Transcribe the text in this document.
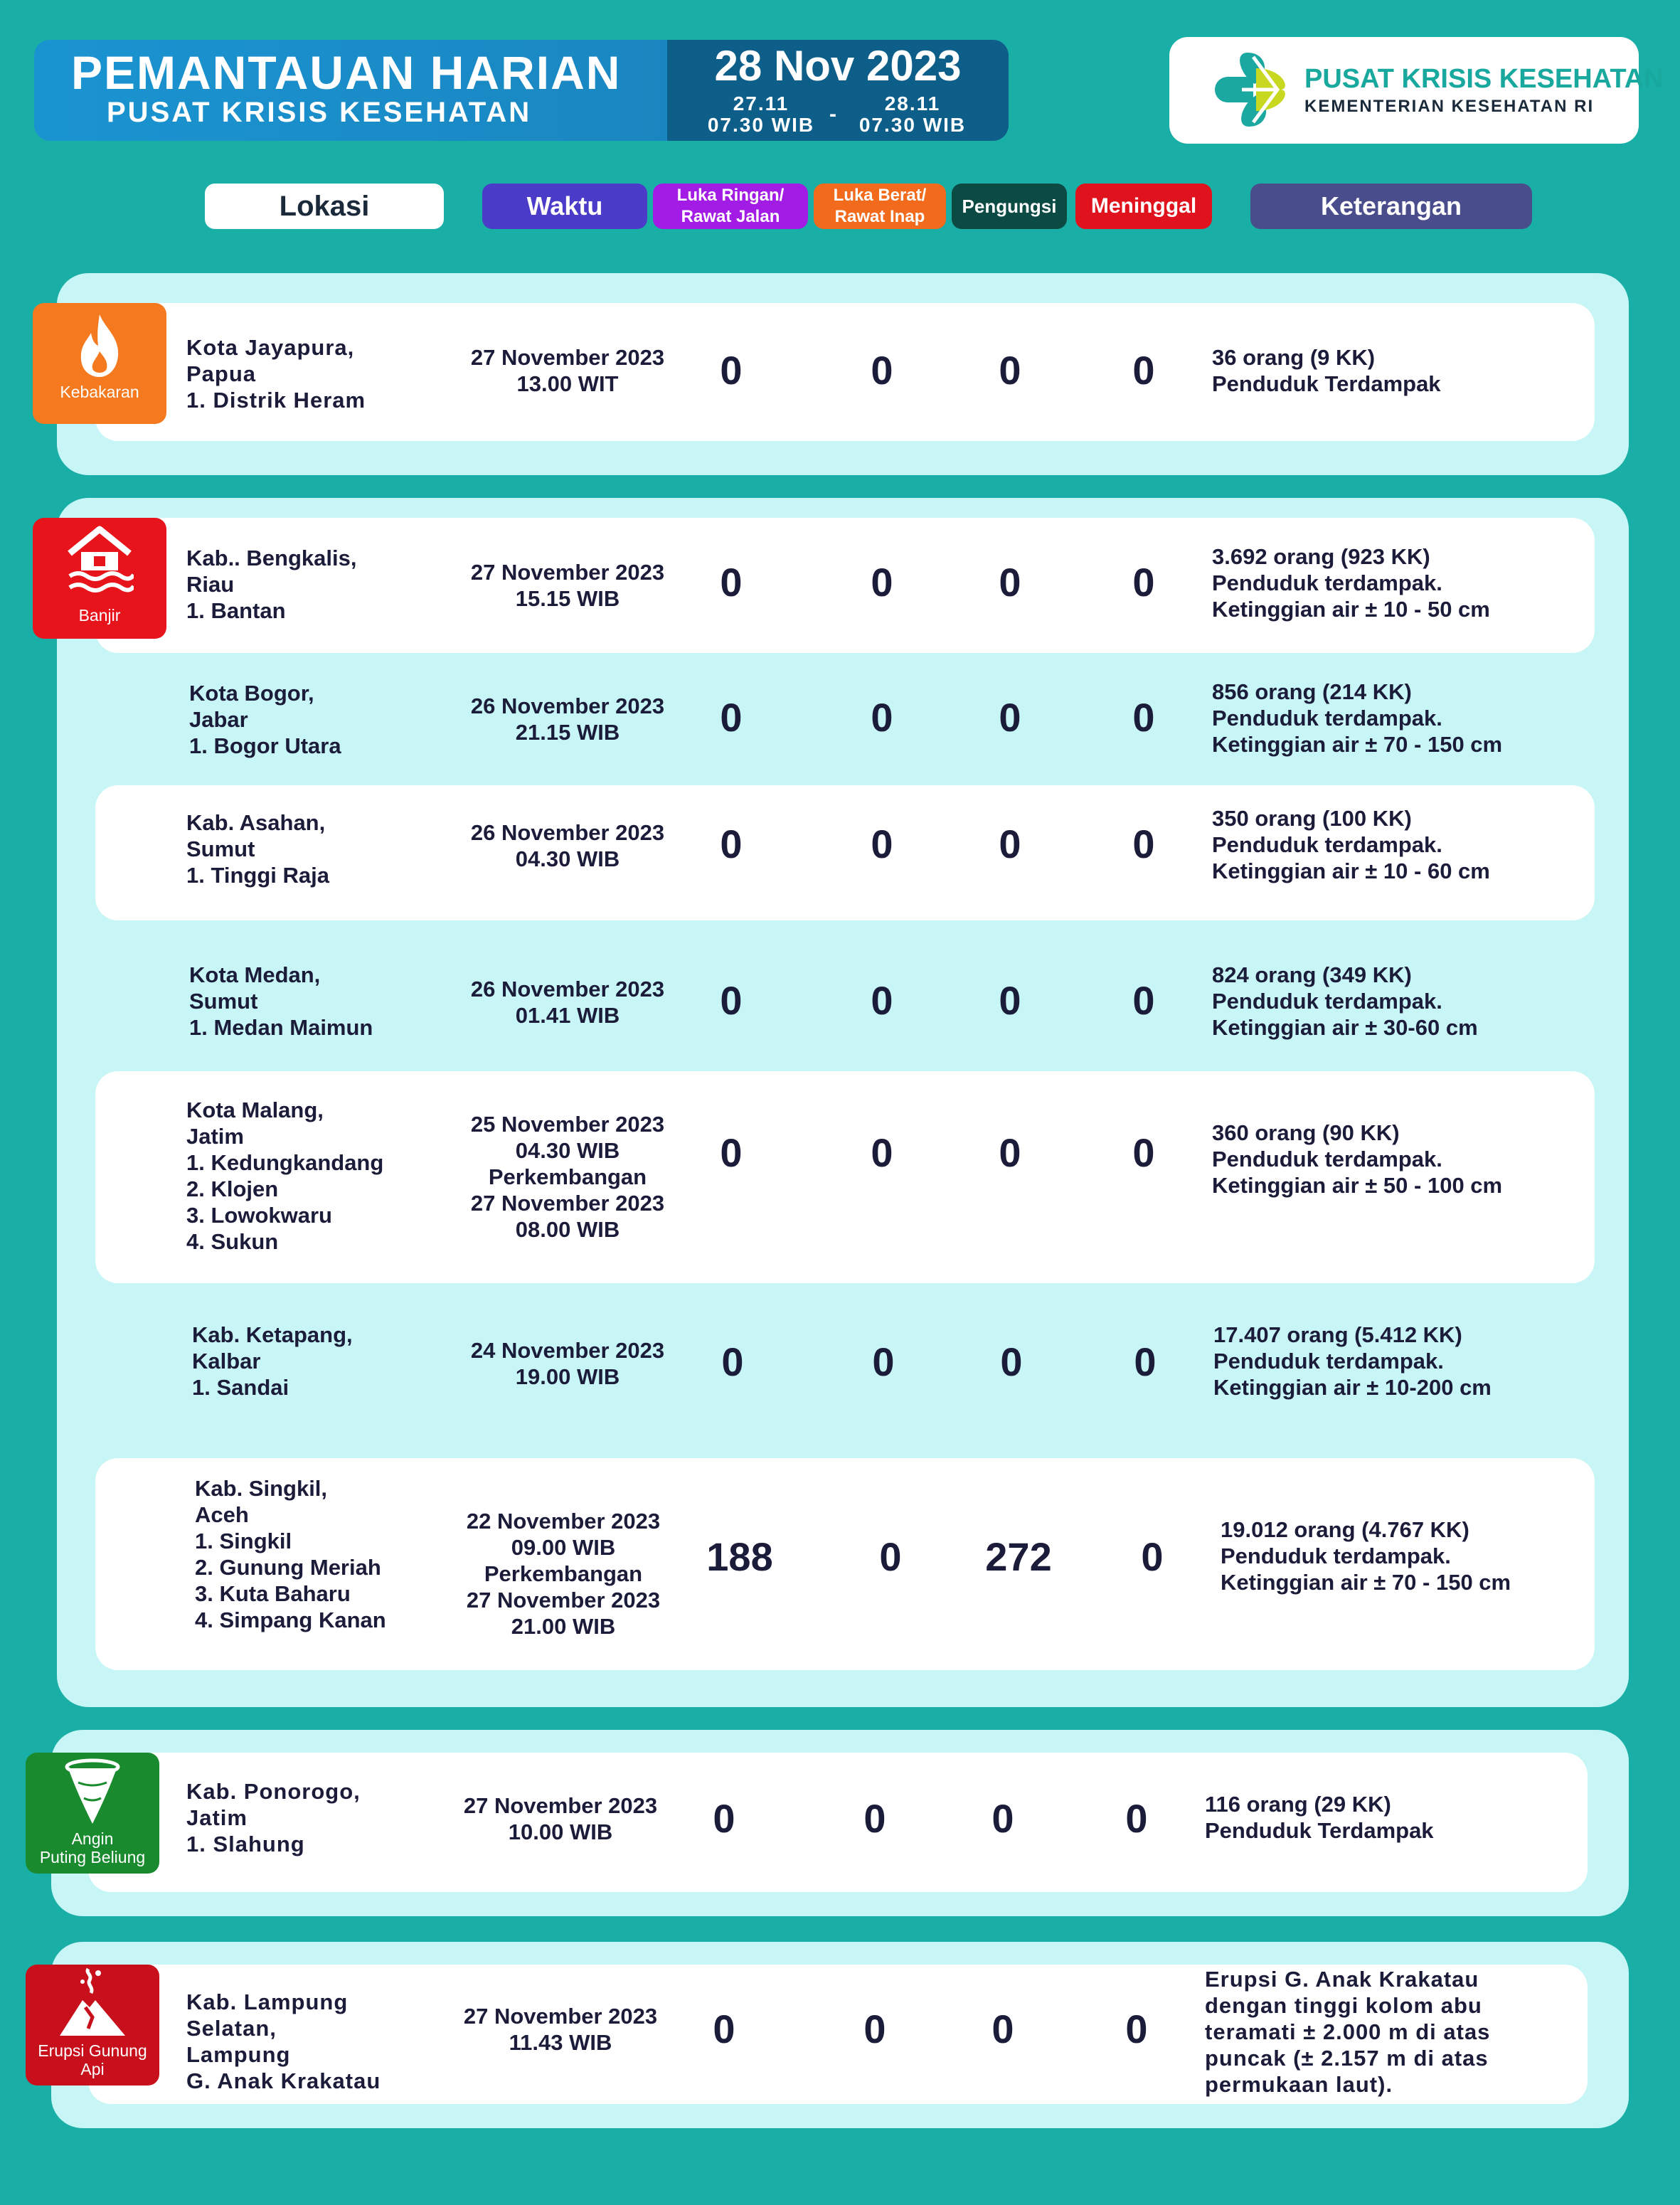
PEMANTAUAN HARIAN
PUSAT KRISIS KESEHATAN
28 Nov 2023
27.11
07.30 WIB -	28.11
07.30 WIB
PUSAT KRISIS KESEHATAN
KEMENTERIAN KESEHATAN RI
Lokasi	Waktu	Luka Ringan/
Rawat Jalan
Luka Berat/
Rawat Inap	Pengungsi	Meninggal	Keterangan
Kebakaran
Banjir
Angin
Puting Beliung
Erupsi Gunung
Api
Kota Jayapura,
Papua
1. Distrik Heram
27 November 2023
13.00 WIT	0	0	0	0	36 orang (9 KK)
Penduduk Terdampak
Kab.. Bengkalis,
Riau
1. Bantan
27 November 2023
15.15 WIB	0	0	0	0
3.692 orang (923 KK)
Penduduk terdampak.
Ketinggian air ± 10 - 50 cm
Kota Bogor,
Jabar
1. Bogor Utara
26 November 2023
21.15 WIB	0	0	0	0
856 orang (214 KK)
Penduduk terdampak.
Ketinggian air ± 70 - 150 cm
Kab. Asahan,
Sumut
1. Tinggi Raja
26 November 2023
04.30 WIB	0	0	0	0
350 orang (100 KK)
Penduduk terdampak.
Ketinggian air ± 10 - 60 cm
Kota Medan,
Sumut
1. Medan Maimun
26 November 2023
01.41 WIB	0	0	0	0
824 orang (349 KK)
Penduduk terdampak.
Ketinggian air ± 30-60 cm
Kota Malang,
Jatim
1. Kedungkandang
2. Klojen
3. Lowokwaru
4. Sukun
25 November 2023
04.30 WIB
Perkembangan
27 November 2023
08.00 WIB
0	0	0	0	360 orang (90 KK)
Penduduk terdampak.
Ketinggian air ± 50 - 100 cm
Kab. Ketapang,
Kalbar
1. Sandai
24 November 2023
19.00 WIB	0	0	0	0
17.407 orang (5.412 KK)
Penduduk terdampak.
Ketinggian air ± 10-200 cm
Kab. Singkil,
Aceh
1. Singkil
2. Gunung Meriah
3. Kuta Baharu
4. Simpang Kanan
22 November 2023
09.00 WIB
Perkembangan
27 November 2023
21.00 WIB
188	0	272	0
19.012 orang (4.767 KK)
Penduduk terdampak.
Ketinggian air ± 70 - 150 cm
Kab. Ponorogo,
Jatim
1. Slahung
27 November 2023
10.00 WIB	0	0	0	0	116 orang (29 KK)
Penduduk Terdampak
Kab. Lampung
Selatan,
Lampung
G. Anak Krakatau
27 November 2023
11.43 WIB	0	0	0	0
Erupsi G. Anak Krakatau
dengan tinggi kolom abu
teramati ± 2.000 m di atas
puncak (± 2.157 m di atas
permukaan laut).
